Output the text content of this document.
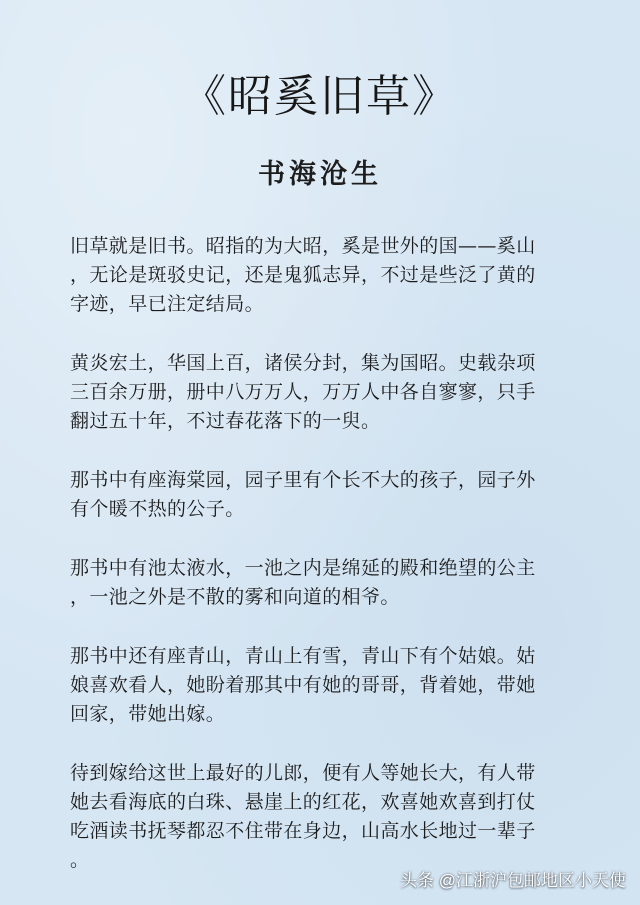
《昭奚旧草》
书海沧生

旧草就是旧书。昭指的为大昭，奚是世外的国——奚山
，无论是斑驳史记，还是鬼狐志异，不过是些泛了黄的
字迹，早已注定结局。

黄炎宏土，华国上百，诸侯分封，集为国昭。史载杂项
三百余万册，册中八万万人，万万人中各自寥寥，只手
翻过五十年，不过春花落下的一臾。

那书中有座海棠园，园子里有个长不大的孩子，园子外
有个暖不热的公子。

那书中有池太液水，一池之内是绵延的殿和绝望的公主
，一池之外是不散的雾和向道的相爷。

那书中还有座青山，青山上有雪，青山下有个姑娘。姑
娘喜欢看人，她盼着那其中有她的哥哥，背着她，带她
回家，带她出嫁。

待到嫁给这世上最好的儿郎，便有人等她长大，有人带
她去看海底的白珠、悬崖上的红花，欢喜她欢喜到打仗
吃酒读书抚琴都忍不住带在身边，山高水长地过一辈子
。

头条 @江浙沪包邮地区小天使
